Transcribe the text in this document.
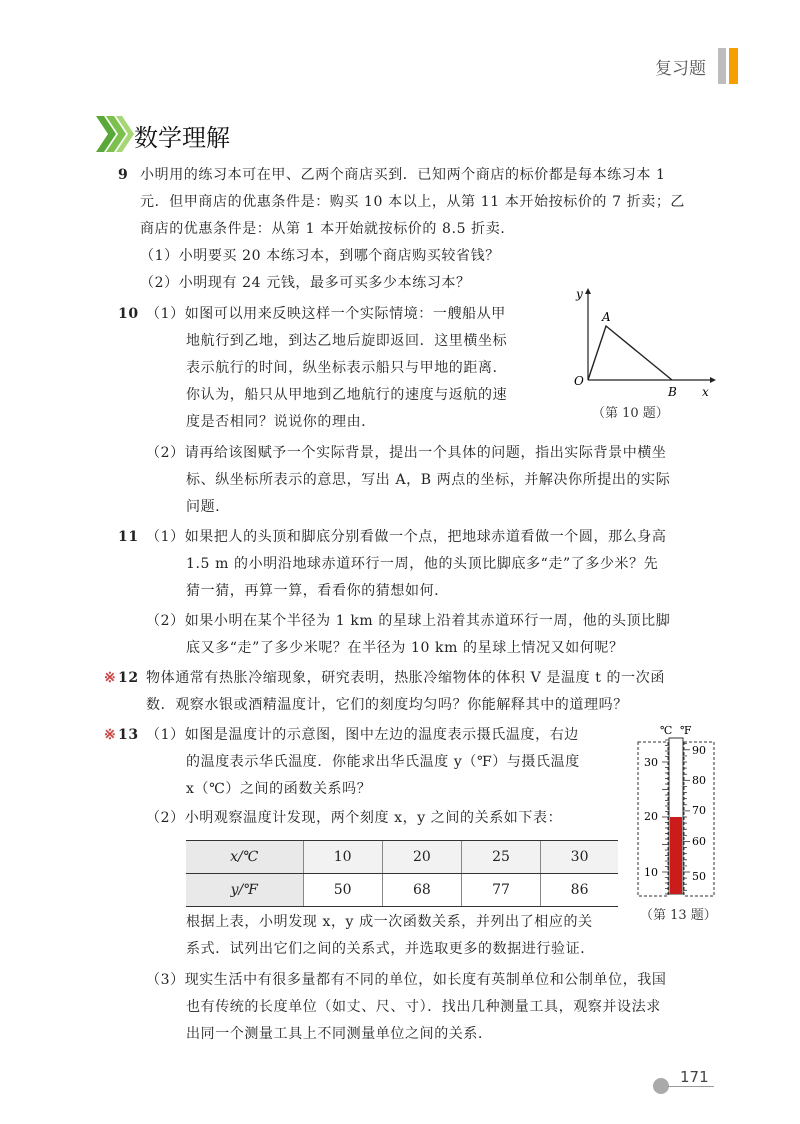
复习题
数学理解
9 小明用的练习本可在甲、乙两个商店买到．已知两个商店的标价都是每本练习本 1
元．但甲商店的优惠条件是：购买 10 本以上，从第 11 本开始按标价的 7 折卖；乙
商店的优惠条件是：从第 1 本开始就按标价的 8.5 折卖．
（1）小明要买 20 本练习本，到哪个商店购买较省钱？
（2）小明现有 24 元钱，最多可买多少本练习本？
10 （1）如图可以用来反映这样一个实际情境：一艘船从甲
地航行到乙地，到达乙地后旋即返回．这里横坐标
表示航行的时间，纵坐标表示船只与甲地的距离．
你认为，船只从甲地到乙地航行的速度与返航的速
度是否相同？说说你的理由．
（2）请再给该图赋予一个实际背景，提出一个具体的问题，指出实际背景中横坐
标、纵坐标所表示的意思，写出 A，B 两点的坐标，并解决你所提出的实际
问题．
y
x
A
O
B
（第 10 题）
11 （1）如果把人的头顶和脚底分别看做一个点，把地球赤道看做一个圆，那么身高
1.5 m 的小明沿地球赤道环行一周，他的头顶比脚底多“走”了多少米？先
猜一猜，再算一算，看看你的猜想如何．
（2）如果小明在某个半径为 1 km 的星球上沿着其赤道环行一周，他的头顶比脚
底又多“走”了多少米呢？在半径为 10 km 的星球上情况又如何呢？
※ 12 物体通常有热胀冷缩现象，研究表明，热胀冷缩物体的体积 V 是温度 t 的一次函
数．观察水银或酒精温度计，它们的刻度均匀吗？你能解释其中的道理吗？
※ 13 （1）如图是温度计的示意图，图中左边的温度表示摄氏温度，右边
的温度表示华氏温度．你能求出华氏温度 y（℉）与摄氏温度
x（℃）之间的函数关系吗？
（2）小明观察温度计发现，两个刻度 x，y 之间的关系如下表：
x/℃	10	20	25	30
y/℉	50	68	77	86
根据上表，小明发现 x，y 成一次函数关系，并列出了相应的关
系式．试列出它们之间的关系式，并选取更多的数据进行验证．
（3）现实生活中有很多量都有不同的单位，如长度有英制单位和公制单位，我国
也有传统的长度单位（如丈、尺、寸）．找出几种测量工具，观察并设法求
出同一个测量工具上不同测量单位之间的关系．
℃ ℉
30
20
10
90
80
70
60
50
（第 13 题）
171
